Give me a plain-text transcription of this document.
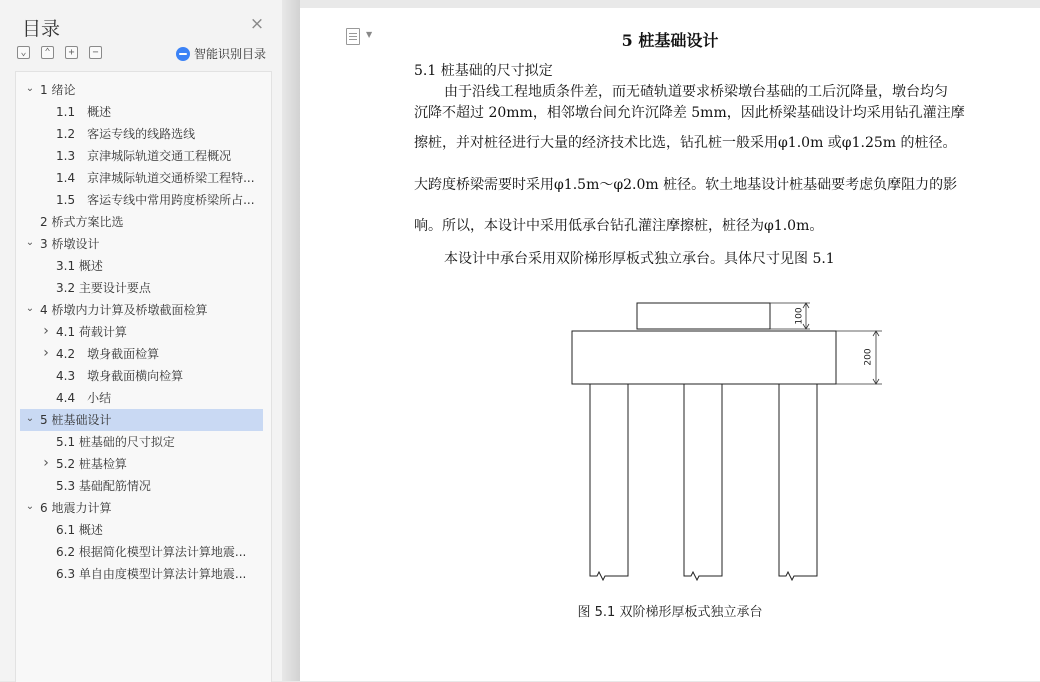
目录	×
⌄	⌃	+	−	智能识别目录
⌄ 1 绪论
1.1　概述
1.2　客运专线的线路选线
1.3　京津城际轨道交通工程概况
1.4　京津城际轨道交通桥梁工程特...
1.5　客运专线中常用跨度桥梁所占...
2 桥式方案比选
⌄ 3 桥墩设计
3.1 概述
3.2 主要设计要点
⌄ 4 桥墩内力计算及桥墩截面检算
› 4.1 荷载计算
› 4.2　墩身截面检算
4.3　墩身截面横向检算
4.4　小结
⌄ 5 桩基础设计
5.1 桩基础的尺寸拟定
› 5.2 桩基检算
5.3 基础配筋情况
⌄ 6 地震力计算
6.1 概述
6.2 根据简化模型计算法计算地震...
6.3 单自由度模型计算法计算地震...
▼	5 桩基础设计
5.1 桩基础的尺寸拟定
由于沿线工程地质条件差，而无碴轨道要求桥梁墩台基础的工后沉降量，墩台均匀
沉降不超过 20mm，相邻墩台间允许沉降差 5mm，因此桥梁基础设计均采用钻孔灌注摩
擦桩，并对桩径进行大量的经济技术比选，钻孔桩一般采用φ1.0m 或φ1.25m 的桩径。
大跨度桥梁需要时采用φ1.5m～φ2.0m 桩径。软土地基设计桩基础要考虑负摩阻力的影
响。所以，本设计中采用低承台钻孔灌注摩擦桩，桩径为φ1.0m。
本设计中承台采用双阶梯形厚板式独立承台。具体尺寸见图 5.1
100
200
图 5.1 双阶梯形厚板式独立承台
